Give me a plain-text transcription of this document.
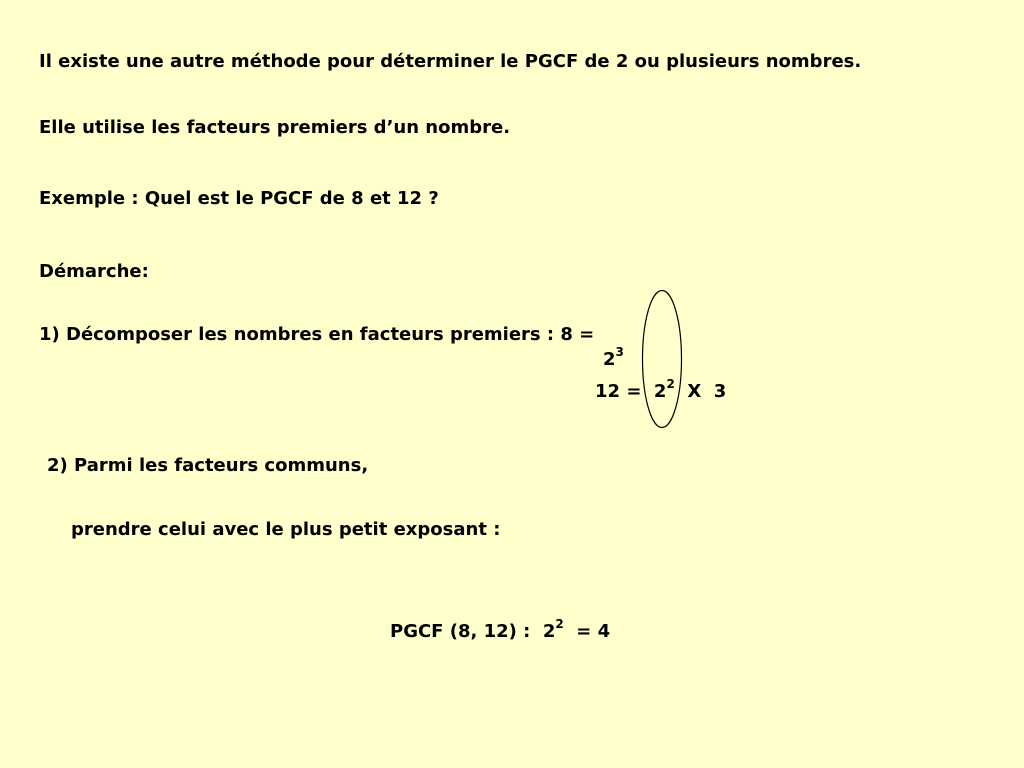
Il existe une autre méthode pour déterminer le PGCF de 2 ou plusieurs nombres.
Elle utilise les facteurs premiers d’un nombre.
Exemple : Quel est le PGCF de 8 et 12 ?
Démarche:
1) Décomposer les nombres en facteurs premiers : 8 =
$2^3$
$12 = 2^2$  X  3
2) Parmi les facteurs communs,
prendre celui avec le plus petit exposant :
PGCF (8, 12) :  $2^2 = 4$
